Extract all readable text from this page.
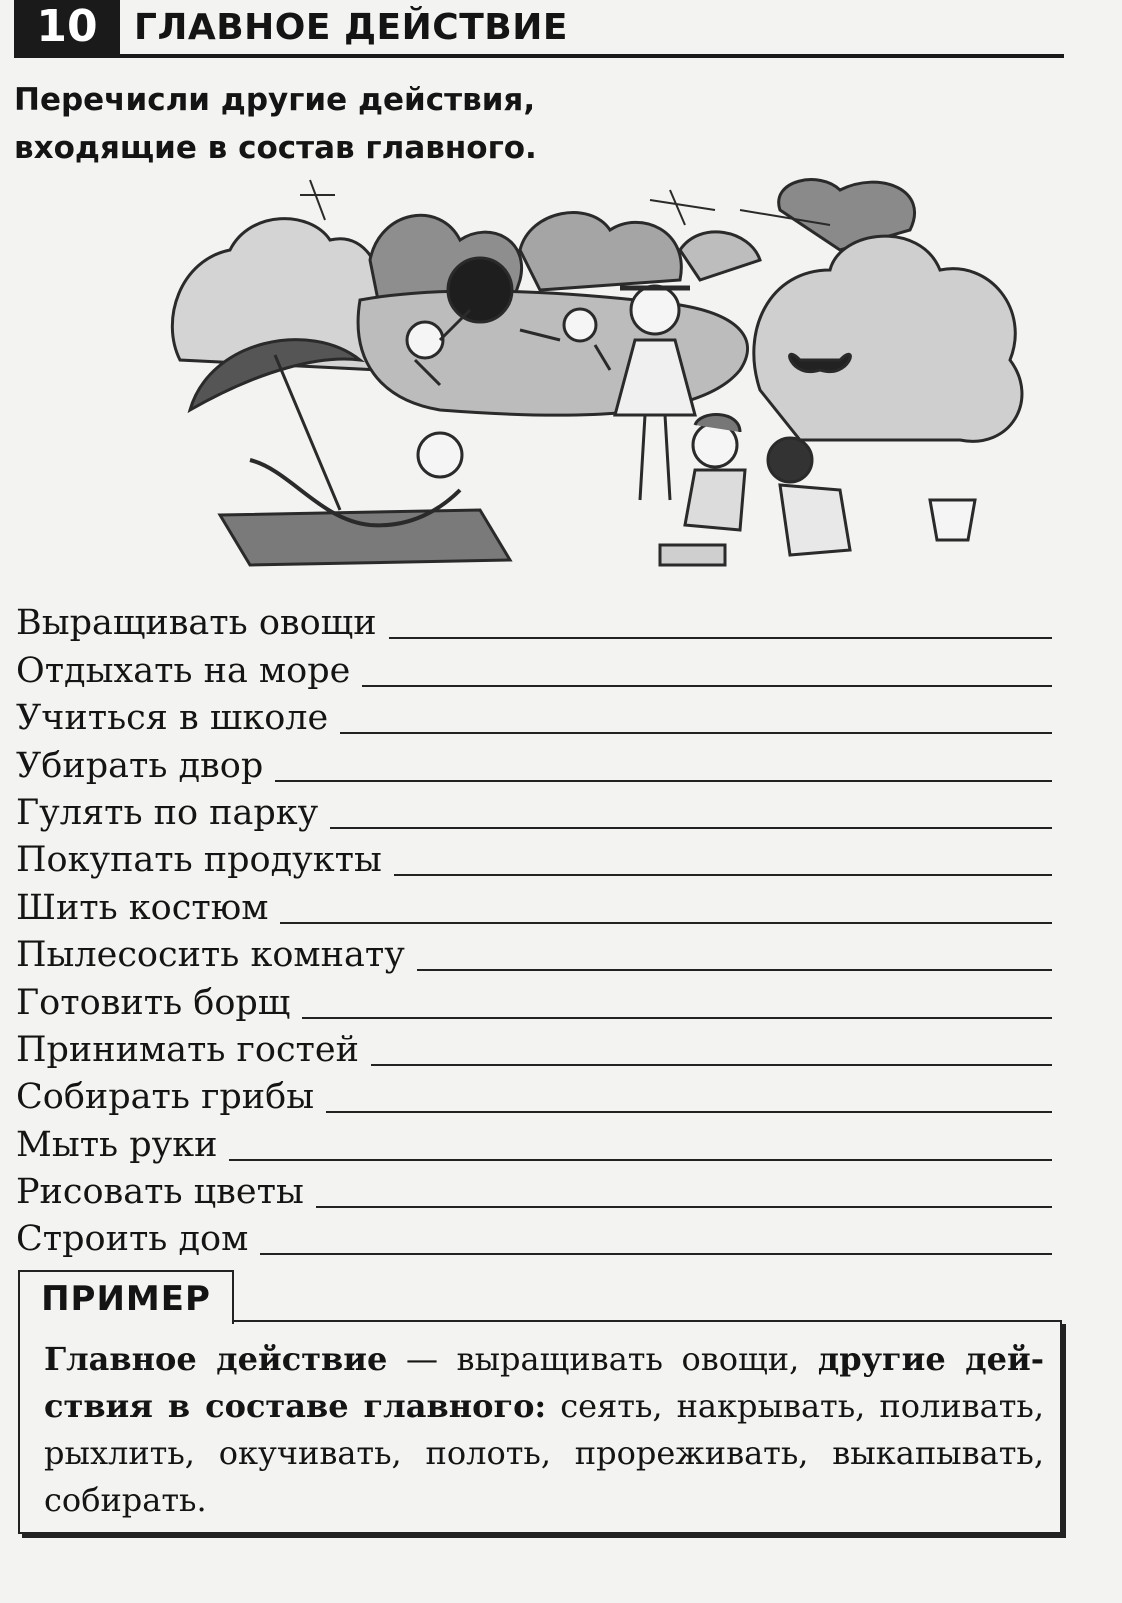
10	ГЛАВНОЕ ДЕЙСТВИЕ
Перечисли другие действия,
входящие в состав главного.
Выращивать овощи
Отдыхать на море
Учиться в школе
Убирать двор
Гулять по парку
Покупать продукты
Шить костюм
Пылесосить комнату
Готовить борщ
Принимать гостей
Собирать грибы
Мыть руки
Рисовать цветы
Строить дом
ПРИМЕР
Главное действие — выращивать овощи, другие действия в составе главного: сеять, накрывать, поливать, рыхлить, окучивать, полоть, прореживать, выкапывать, собирать.
